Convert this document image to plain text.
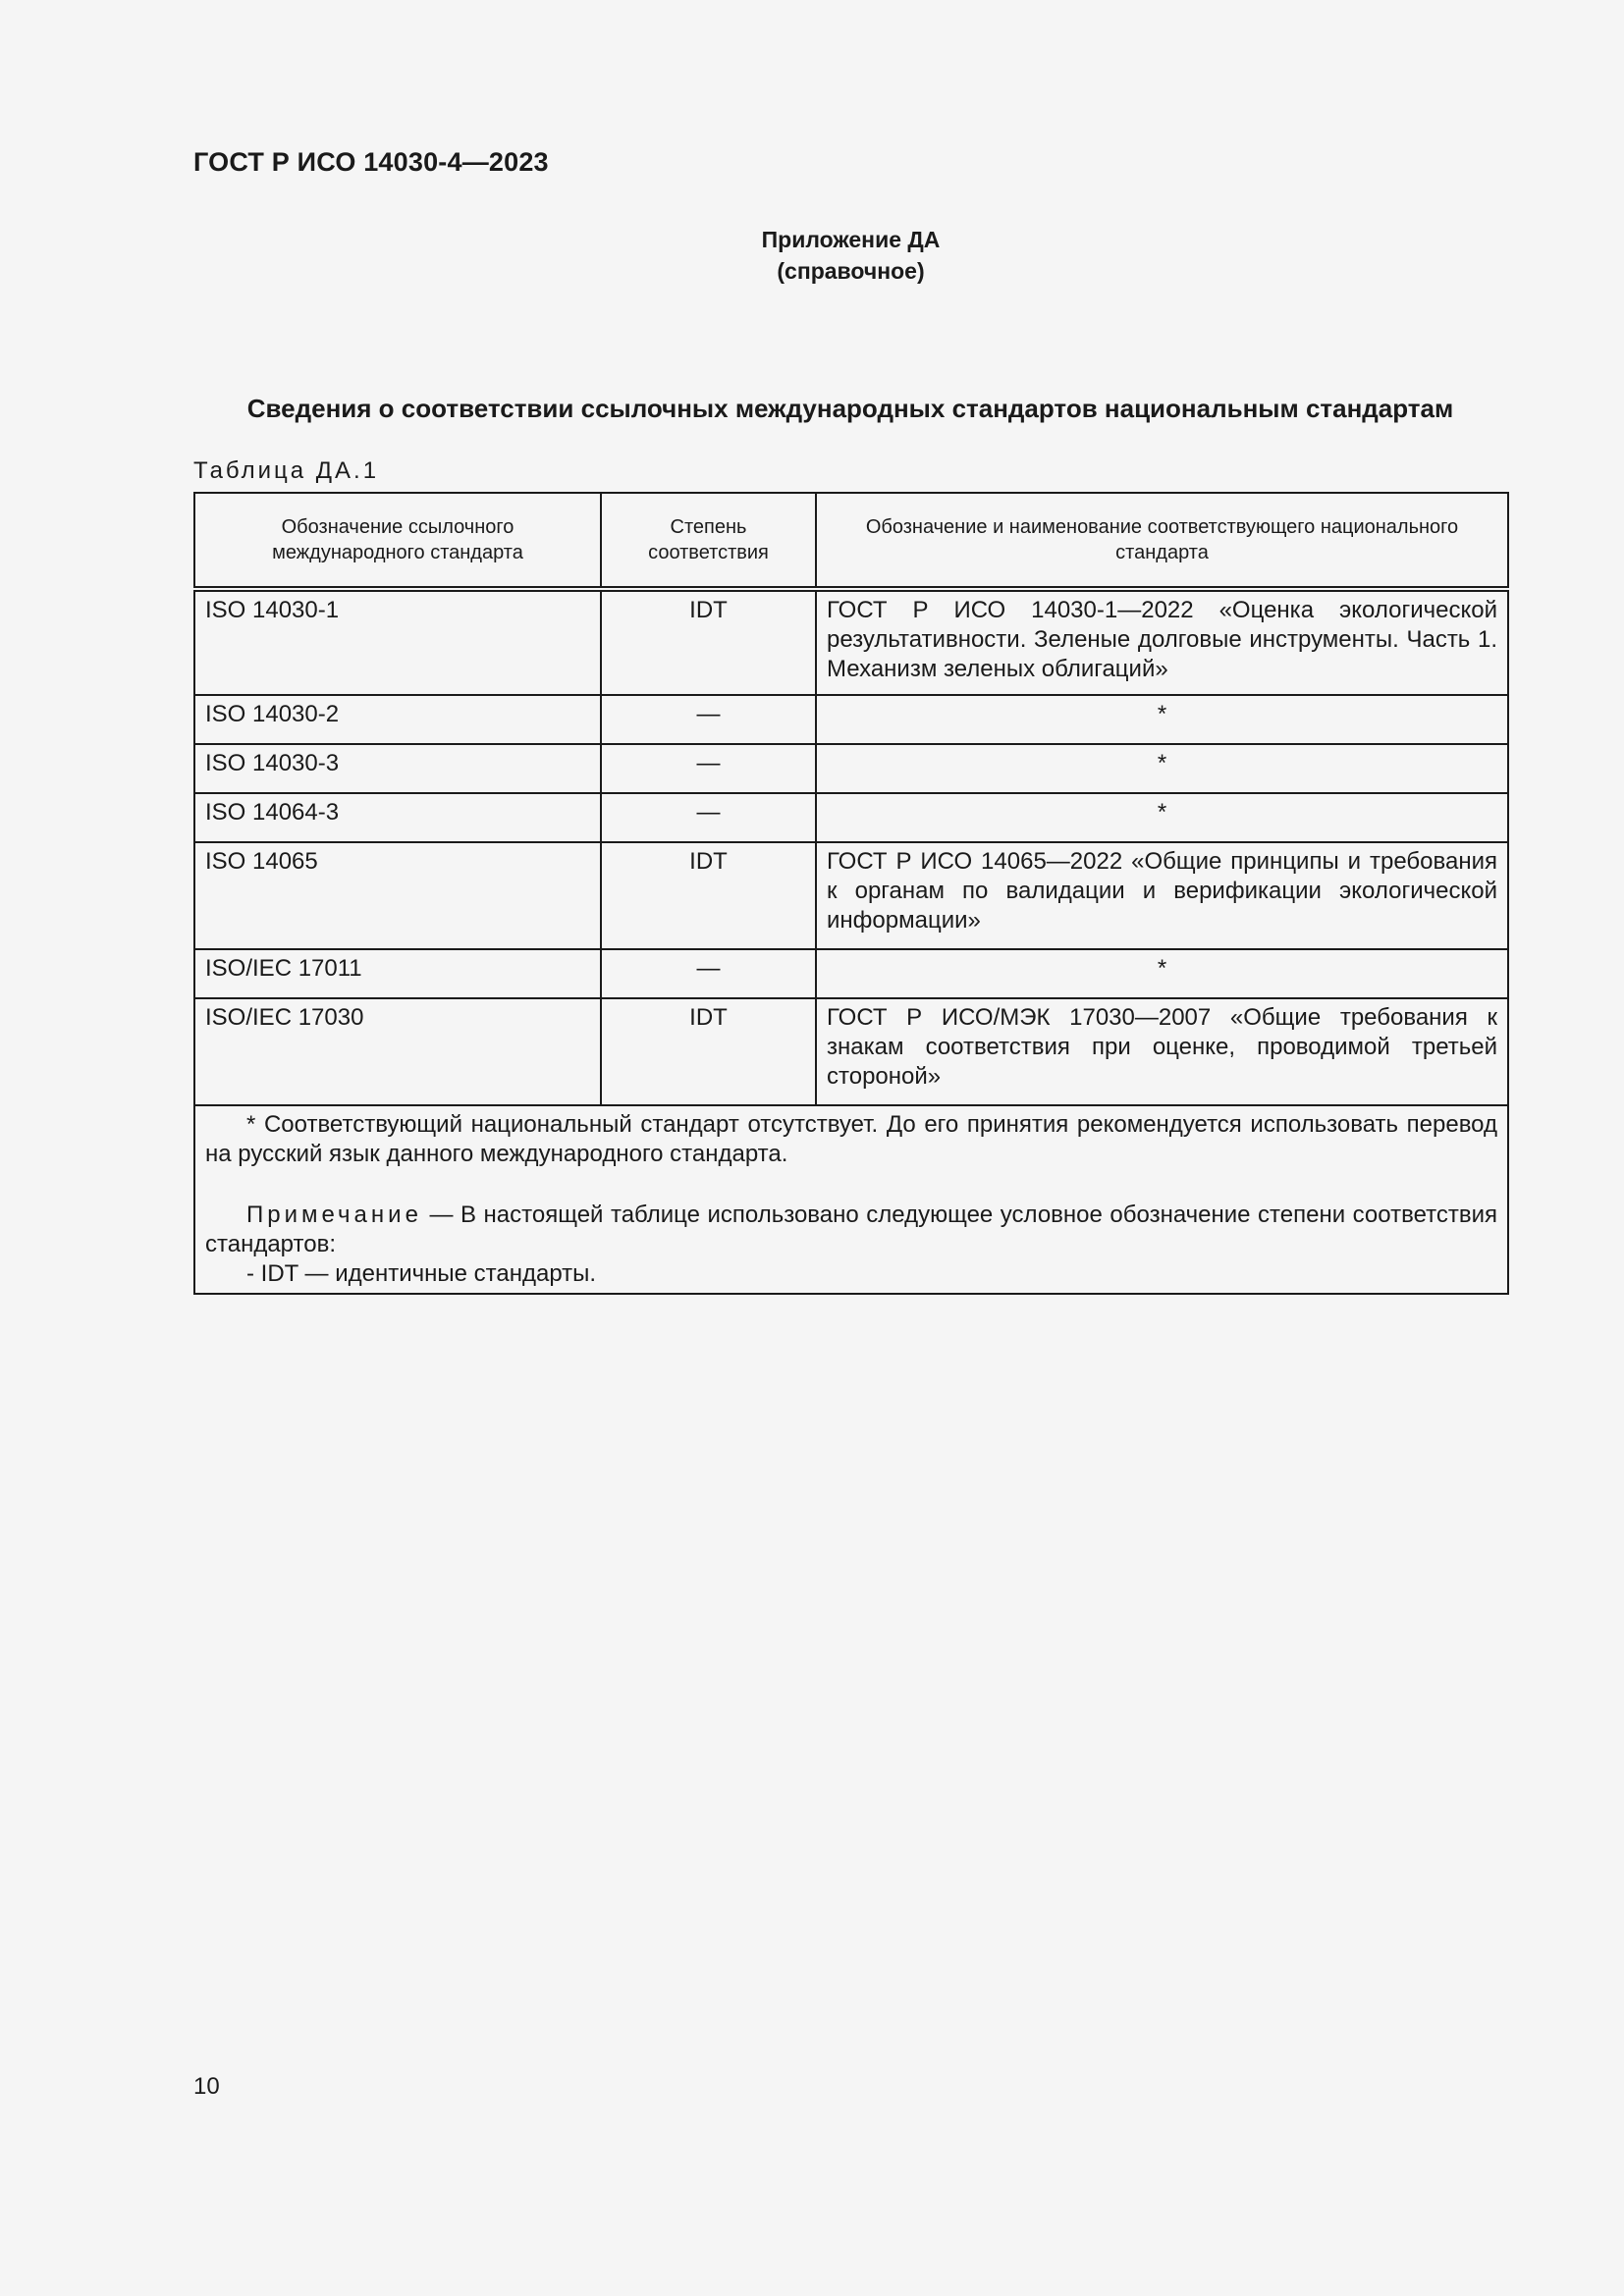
ГОСТ Р ИСО 14030-4—2023
Приложение ДА
(справочное)
Сведения о соответствии ссылочных международных стандартов национальным стандартам
Таблица ДА.1
Обозначение ссылочного международного стандарта	Степень соответствия	Обозначение и наименование соответствующего национального стандарта
ISO 14030-1	IDT	ГОСТ Р ИСО 14030-1—2022 «Оценка экологической результативности. Зеленые долговые инструменты. Часть 1. Механизм зеленых облигаций»
ISO 14030-2	—	*
ISO 14030-3	—	*
ISO 14064-3	—	*
ISO 14065	IDT	ГОСТ Р ИСО 14065—2022 «Общие принципы и требования к органам по валидации и верификации экологической информации»
ISO/IEC 17011	—	*
ISO/IEC 17030	IDT	ГОСТ Р ИСО/МЭК 17030—2007 «Общие требования к знакам соответствия при оценке, проводимой третьей стороной»

* Соответствующий национальный стандарт отсутствует. До его принятия рекомендуется использовать перевод на русский язык данного международного стандарта.

Примечание — В настоящей таблице использовано следующее условное обозначение степени соответствия стандартов:

- IDT — идентичные стандарты.		

10
